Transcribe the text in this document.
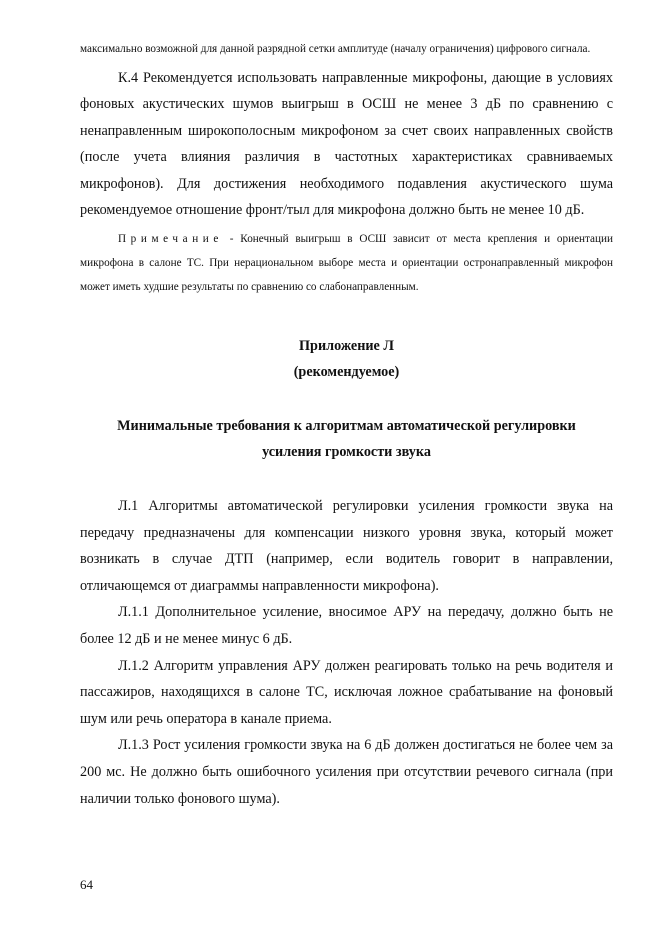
максимально возможной для данной разрядной сетки амплитуде (началу ограничения) цифрового сигнала.

К.4 Рекомендуется использовать направленные микрофоны, дающие в условиях фоновых акустических шумов выигрыш в ОСШ не менее 3 дБ по сравнению с ненаправленным широкополосным микрофоном за счет своих направленных свойств (после учета влияния различия в частотных характеристиках сравниваемых микрофонов). Для достижения необходимого подавления акустического шума рекомендуемое отношение фронт/тыл для микрофона должно быть не менее 10 дБ.

Примечание - Конечный выигрыш в ОСШ зависит от места крепления и ориентации микрофона в салоне ТС. При нерациональном выборе места и ориентации остронаправленный микрофон может иметь худшие результаты по сравнению со слабонаправленным.

Приложение Л
(рекомендуемое)
Минимальные требования к алгоритмам автоматической регулировки
усиления громкости звука

Л.1 Алгоритмы автоматической регулировки усиления громкости звука на передачу предназначены для компенсации низкого уровня звука, который может возникать в случае ДТП (например, если водитель говорит в направлении, отличающемся от диаграммы направленности микрофона).

Л.1.1 Дополнительное усиление, вносимое АРУ на передачу, должно быть не более 12 дБ и не менее минус 6 дБ.

Л.1.2 Алгоритм управления АРУ должен реагировать только на речь водителя и пассажиров, находящихся в салоне ТС, исключая ложное срабатывание на фоновый шум или речь оператора в канале приема.

Л.1.3 Рост усиления громкости звука на 6 дБ должен достигаться не более чем за 200 мс. Не должно быть ошибочного усиления при отсутствии речевого сигнала (при наличии только фонового шума).

64
